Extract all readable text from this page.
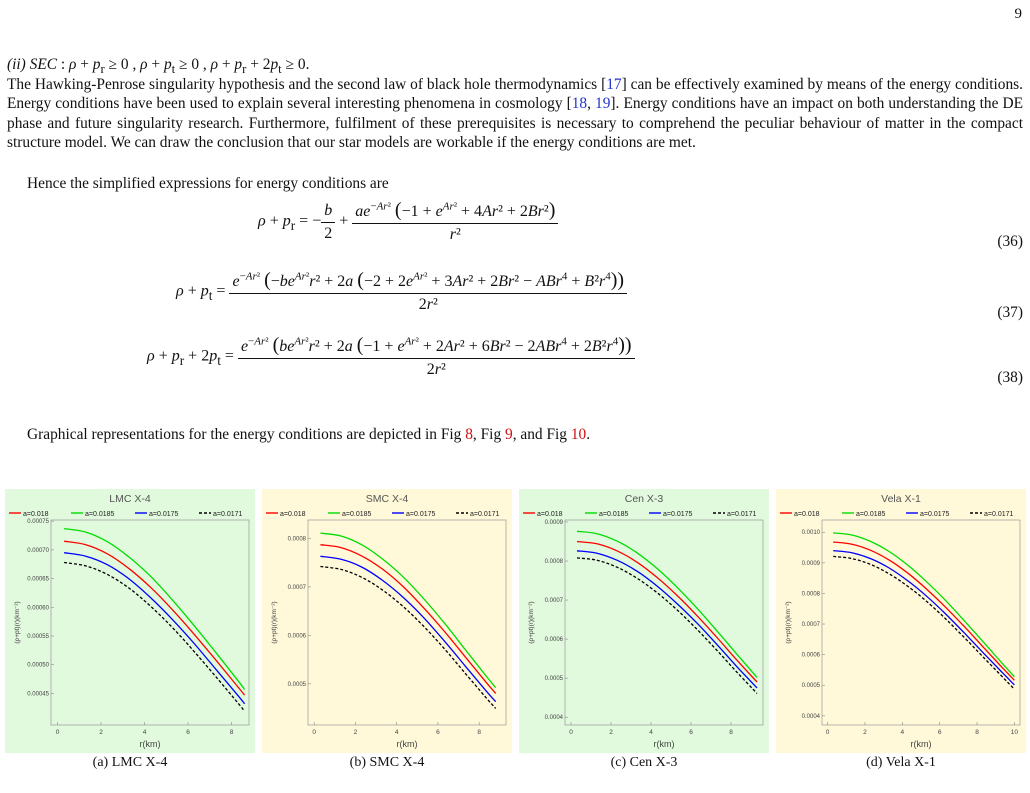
9
(ii) SEC : $\rho + p_r \ge 0$ , $\rho + p_t \ge 0$ , $\rho + p_r + 2p_t \ge 0$.
The Hawking-Penrose singularity hypothesis and the second law of black hole thermodynamics [17] can be effectively examined by means of the energy conditions. Energy conditions have been used to explain several interesting phenomena in cosmology [18, 19]. Energy conditions have an impact on both understanding the DE phase and future singularity research. Furthermore, fulfilment of these prerequisites is necessary to comprehend the peculiar behaviour of matter in the compact structure model. We can draw the conclusion that our star models are workable if the energy conditions are met.
Hence the simplified expressions for energy conditions are
$\rho + p_r$ = − $\frac{b}{2} + \frac{ae^{-Ar^2} (-1 + e^{Ar^2} + 4Ar^2 + 2Br^2)}{\text{r²}}$	(36)
$\rho + p_t$ =
$e^{-Ar^2}$ ($-be^{Ar^2}r^2 + 2a$ $(-2 + 2e^{Ar^2} + 3Ar^2 + 2Br^2 - ABr^4 + B^2r^4)$)
2r²	(37)
$\rho + p_r + 2p_t$ =
$e^{-Ar^2}$ ($be^{Ar^2}r^2 + 2a$ $(-1 + e^{Ar^2} + 2Ar^2 + 6Br^2 - 2ABr^4 + 2B^2r^4)$)
2r²	(38)
Graphical representations for the energy conditions are depicted in Fig 8, Fig 9, and Fig 10.
LMC X-4
a=0.018	a=0.0185	a=0.0175	a=0.0171
0	2	4	6	8
0.00045
0.00050
0.00055
0.00060
0.00065
0.00070
0.00075
r(km)
(ρ+pt)(r)(km⁻²)
(a) LMC X-4
SMC X-4
a=0.018	a=0.0185	a=0.0175	a=0.0171
0	2	4	6	8
0.0005
0.0006
0.0007
0.0008
r(km)
(ρ+pt)(r)(km⁻²)
(b) SMC X-4
Cen X-3
a=0.018	a=0.0185	a=0.0175	a=0.0171
0	2	4	6	8
0.0004
0.0005
0.0006
0.0007
0.0008
0.0009
r(km)
(ρ+pt)(r)(km⁻²)
(c) Cen X-3
Vela X-1
a=0.018	a=0.0185	a=0.0175	a=0.0171
0	2	4	6	8	10
0.0004
0.0005
0.0006
0.0007
0.0008
0.0009
0.0010
r(km)
(ρ+pt)(r)(km⁻²)
(d) Vela X-1
